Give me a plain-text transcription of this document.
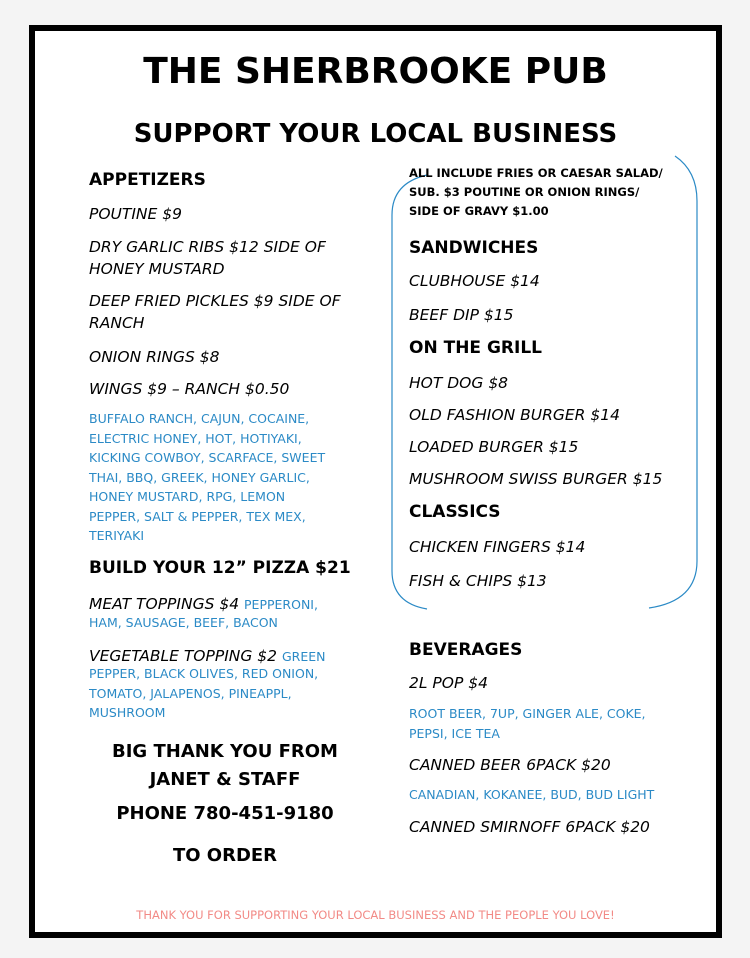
THE SHERBROOKE PUB
SUPPORT YOUR LOCAL BUSINESS
APPETIZERS
POUTINE $9
DRY GARLIC RIBS $12 SIDE OF
HONEY MUSTARD
DEEP FRIED PICKLES $9 SIDE OF
RANCH
ONION RINGS $8
WINGS $9 – RANCH $0.50
BUFFALO RANCH, CAJUN, COCAINE,
ELECTRIC HONEY, HOT, HOTIYAKI,
KICKING COWBOY, SCARFACE, SWEET
THAI, BBQ, GREEK, HONEY GARLIC,
HONEY MUSTARD, RPG, LEMON
PEPPER, SALT & PEPPER, TEX MEX,
TERIYAKI
BUILD YOUR 12” PIZZA $21
MEAT TOPPINGS $4 PEPPERONI,
HAM, SAUSAGE, BEEF, BACON
VEGETABLE TOPPING $2 GREEN
PEPPER, BLACK OLIVES, RED ONION,
TOMATO, JALAPENOS, PINEAPPL,
MUSHROOM
BIG THANK YOU FROM
JANET & STAFF
PHONE 780-451-9180
TO ORDER
ALL INCLUDE FRIES OR CAESAR SALAD/
SUB. $3 POUTINE OR ONION RINGS/
SIDE OF GRAVY $1.00
SANDWICHES
CLUBHOUSE $14
BEEF DIP $15
ON THE GRILL
HOT DOG $8
OLD FASHION BURGER $14
LOADED BURGER $15
MUSHROOM SWISS BURGER $15
CLASSICS
CHICKEN FINGERS $14
FISH & CHIPS $13
BEVERAGES
2L POP $4
ROOT BEER, 7UP, GINGER ALE, COKE,
PEPSI, ICE TEA
CANNED BEER 6PACK $20
CANADIAN, KOKANEE, BUD, BUD LIGHT
CANNED SMIRNOFF 6PACK $20
THANK YOU FOR SUPPORTING YOUR LOCAL BUSINESS AND THE PEOPLE YOU LOVE!
